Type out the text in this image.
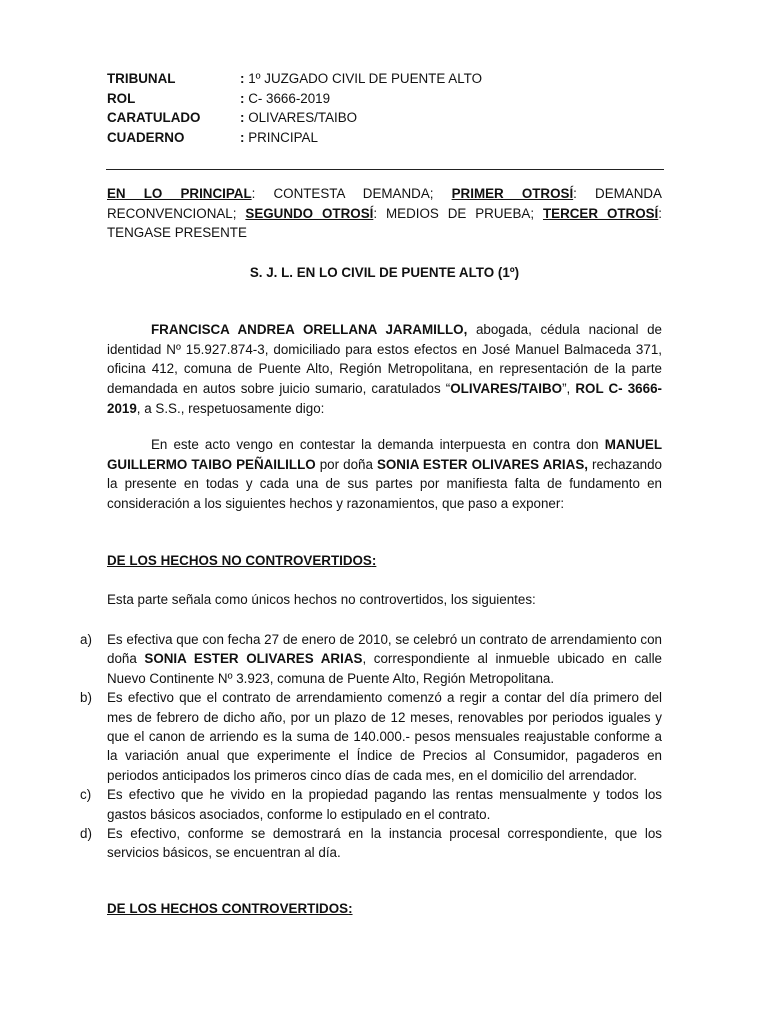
TRIBUNAL	: 1º JUZGADO CIVIL DE PUENTE ALTO
ROL	: C- 3666-2019
CARATULADO	: OLIVARES/TAIBO
CUADERNO	: PRINCIPAL
EN LO PRINCIPAL: CONTESTA DEMANDA; PRIMER OTROSÍ: DEMANDA RECONVENCIONAL; SEGUNDO OTROSÍ: MEDIOS DE PRUEBA; TERCER OTROSÍ: TENGASE PRESENTE
S. J. L. EN LO CIVIL DE PUENTE ALTO (1º)
FRANCISCA ANDREA ORELLANA JARAMILLO, abogada, cédula nacional de identidad Nº 15.927.874-3, domiciliado para estos efectos en José Manuel Balmaceda 371, oficina 412, comuna de Puente Alto, Región Metropolitana, en representación de la parte demandada en autos sobre juicio sumario, caratulados “OLIVARES/TAIBO”, ROL C- 3666-2019, a S.S., respetuosamente digo:
En este acto vengo en contestar la demanda interpuesta en contra don MANUEL GUILLERMO TAIBO PEÑAILILLO por doña SONIA ESTER OLIVARES ARIAS, rechazando la presente en todas y cada una de sus partes por manifiesta falta de fundamento en consideración a los siguientes hechos y razonamientos, que paso a exponer:
DE LOS HECHOS NO CONTROVERTIDOS:
Esta parte señala como únicos hechos no controvertidos, los siguientes:
a) Es efectiva que con fecha 27 de enero de 2010, se celebró un contrato de arrendamiento con doña SONIA ESTER OLIVARES ARIAS, correspondiente al inmueble ubicado en calle Nuevo Continente Nº 3.923, comuna de Puente Alto, Región Metropolitana.
b) Es efectivo que el contrato de arrendamiento comenzó a regir a contar del día primero del mes de febrero de dicho año, por un plazo de 12 meses, renovables por periodos iguales y que el canon de arriendo es la suma de 140.000.- pesos mensuales reajustable conforme a la variación anual que experimente el Índice de Precios al Consumidor, pagaderos en periodos anticipados los primeros cinco días de cada mes, en el domicilio del arrendador.
c) Es efectivo que he vivido en la propiedad pagando las rentas mensualmente y todos los gastos básicos asociados, conforme lo estipulado en el contrato.
d) Es efectivo, conforme se demostrará en la instancia procesal correspondiente, que los servicios básicos, se encuentran al día.
DE LOS HECHOS CONTROVERTIDOS:
